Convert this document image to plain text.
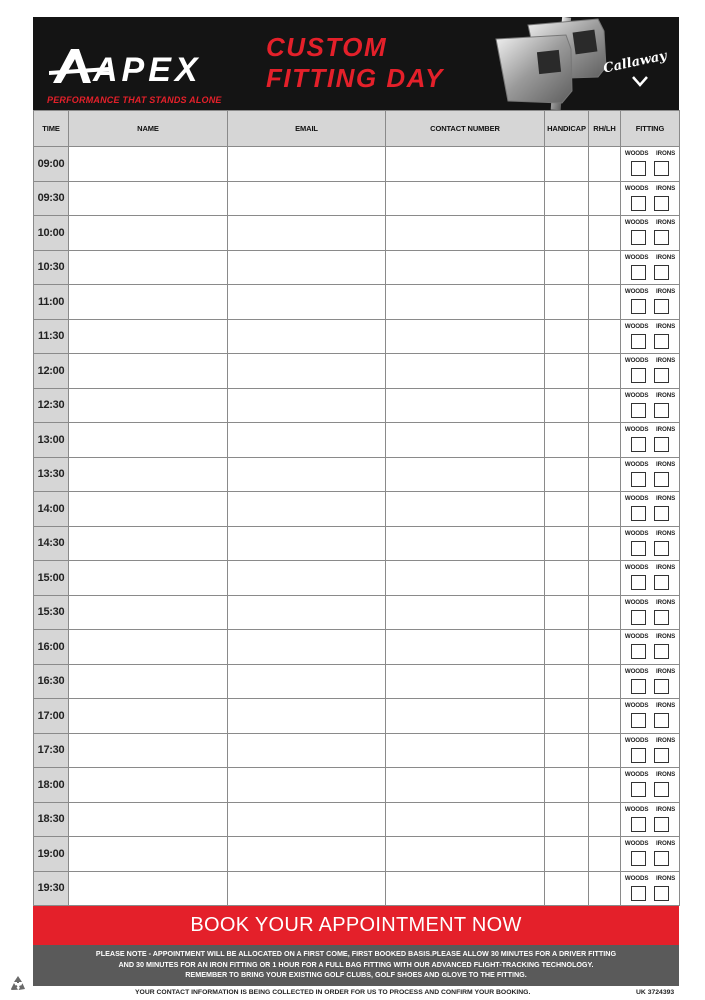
APEX
PERFORMANCE THAT STANDS ALONE
CUSTOM
FITTING DAY
Callaway
TIME	NAME	EMAIL	CONTACT NUMBER	HANDICAP	RH/LH	FITTING
09:00						WOODS IRONS

09:30						WOODS IRONS

10:00						WOODS IRONS

10:30						WOODS IRONS

11:00						WOODS IRONS

11:30						WOODS IRONS

12:00						WOODS IRONS

12:30						WOODS IRONS

13:00						WOODS IRONS

13:30						WOODS IRONS

14:00						WOODS IRONS

14:30						WOODS IRONS

15:00						WOODS IRONS

15:30						WOODS IRONS

16:00						WOODS IRONS

16:30						WOODS IRONS

17:00						WOODS IRONS

17:30						WOODS IRONS

18:00						WOODS IRONS

18:30						WOODS IRONS

19:00						WOODS IRONS

19:30						WOODS IRONS
BOOK YOUR APPOINTMENT NOW
PLEASE NOTE - APPOINTMENT WILL BE ALLOCATED ON A FIRST COME, FIRST BOOKED BASIS.PLEASE ALLOW 30 MINUTES FOR A DRIVER FITTING
AND 30 MINUTES FOR AN IRON FITTING OR 1 HOUR FOR A FULL BAG FITTING WITH OUR ADVANCED FLIGHT-TRACKING TECHNOLOGY.
REMEMBER TO BRING YOUR EXISTING GOLF CLUBS, GOLF SHOES AND GLOVE TO THE FITTING.
YOUR CONTACT INFORMATION IS BEING COLLECTED IN ORDER FOR US TO PROCESS AND CONFIRM YOUR BOOKING.	UK 3724393
